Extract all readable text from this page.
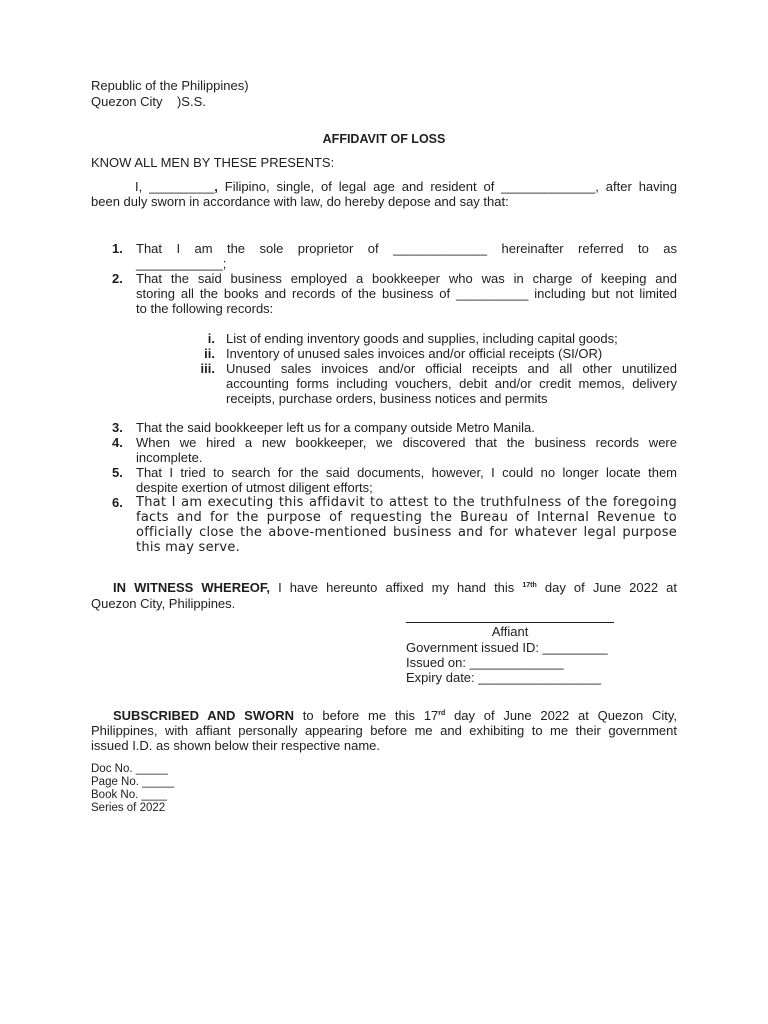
Republic of the Philippines)
Quezon City    )S.S.
AFFIDAVIT OF LOSS
KNOW ALL MEN BY THESE PRESENTS:
I, _________, Filipino, single, of legal age and resident of _____________, after having
been duly sworn in accordance with law, do hereby depose and say that:
1.	That I am the sole proprietor of _____________ hereinafter referred to as
____________;
2.	That the said business employed a bookkeeper who was in charge of keeping and
storing all the books and records of the business of __________ including but not limited
to the following records:
i. List of ending inventory goods and supplies, including capital goods;
ii. Inventory of unused sales invoices and/or official receipts (SI/OR)
iii. Unused sales invoices and/or official receipts and all other unutilized
accounting forms including vouchers, debit and/or credit memos, delivery
receipts, purchase orders, business notices and permits
3.	That the said bookkeeper left us for a company outside Metro Manila.
4.	When we hired a new bookkeeper, we discovered that the business records were
incomplete.
5.	That I tried to search for the said documents, however, I could no longer locate them
despite exertion of utmost diligent efforts;
6.	That I am executing this affidavit to attest to the truthfulness of the foregoing
facts and for the purpose of requesting the Bureau of Internal Revenue to
officially close the above-mentioned business and for whatever legal purpose
this may serve.
IN WITNESS WHEREOF, I have hereunto affixed my hand this $^{17th}$ day of June 2022 at
Quezon City, Philippines.
Affiant
Government issued ID: _________
Issued on: _____________
Expiry date: _________________
SUBSCRIBED AND SWORN to before me this 17rd day of June 2022 at Quezon City,
Philippines, with affiant personally appearing before me and exhibiting to me their government
issued I.D. as shown below their respective name.
Doc No. _____
Page No. _____
Book No. ____
Series of 2022
